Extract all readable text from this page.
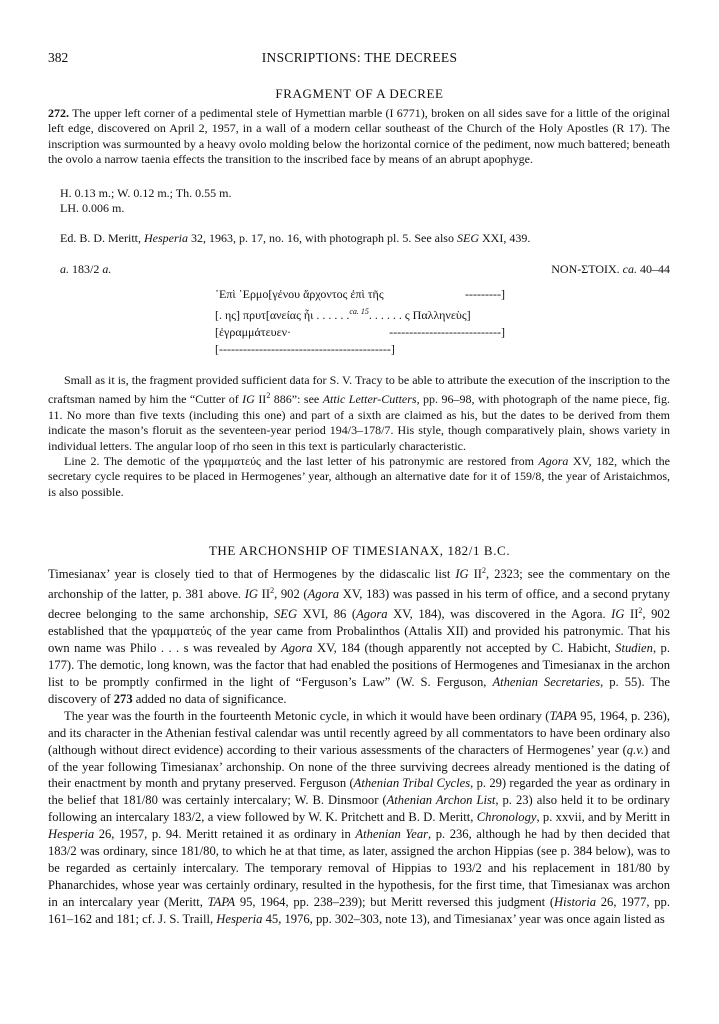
382	INSCRIPTIONS: THE DECREES
FRAGMENT OF A DECREE

272. The upper left corner of a pedimental stele of Hymettian marble (I 6771), broken on all sides save for a little of the original left edge, discovered on April 2, 1957, in a wall of a modern cellar southeast of the Church of the Holy Apostles (R 17). The inscription was surmounted by a heavy ovolo molding below the horizontal cornice of the pediment, now much battered; beneath the ovolo a narrow taenia effects the transition to the inscribed face by means of an abrupt apophyge.

H. 0.13 m.; W. 0.12 m.; Th. 0.55 m.
LH. 0.006 m.
Ed. B. D. Meritt, Hesperia 32, 1963, p. 17, no. 16, with photograph pl. 5. See also SEG XXI, 439.
a. 183/2 a.	NON-ΣΤΟΙΧ. ca. 40–44
᾿Επὶ ῾Ερμο[γένου ἄρχοντος ἐπὶ τῆς	---------]
[. ης] πρυτ[ανείας ἧι . . . . . .$^{ca. 15}$. . . . . . ς Παλληνεὺς]
[ἐγραμμάτευεν·	----------------------------]
[-------------------------------------------]

Small as it is, the fragment provided sufficient data for S. V. Tracy to be able to attribute the execution of the inscription to the craftsman named by him the “Cutter of IG $II^2$ 886”: see Attic Letter-Cutters, pp. 96–98, with photograph of the name piece, fig. 11. No more than five texts (including this one) and part of a sixth are claimed as his, but the dates to be derived from them indicate the mason’s floruit as the seventeen-year period 194/3–178/7. His style, though comparatively plain, shows variety in individual letters. The angular loop of rho seen in this text is particularly characteristic.

Line 2. The demotic of the γραμματεύς and the last letter of his patronymic are restored from Agora XV, 182, which the secretary cycle requires to be placed in Hermogenes’ year, although an alternative date for it of 159/8, the year of Aristaichmos, is also possible.

THE ARCHONSHIP OF TIMESIANAX, 182/1 B.C.

Timesianax’ year is closely tied to that of Hermogenes by the didascalic list IG $II^2$, 2323; see the commentary on the archonship of the latter, p. 381 above. IG $II^2$, 902 (Agora XV, 183) was passed in his term of office, and a second prytany decree belonging to the same archonship, SEG XVI, 86 (Agora XV, 184), was discovered in the Agora. IG $II^2$, 902 established that the γραμματεύς of the year came from Probalinthos (Attalis XII) and provided his patronymic. That his own name was Philo . . . s was revealed by Agora XV, 184 (though apparently not accepted by C. Habicht, Studien, p. 177). The demotic, long known, was the factor that had enabled the positions of Hermogenes and Timesianax in the archon list to be promptly confirmed in the light of “Ferguson’s Law” (W. S. Ferguson, Athenian Secretaries, p. 55). The discovery of 273 added no data of significance.

The year was the fourth in the fourteenth Metonic cycle, in which it would have been ordinary (TAPA 95, 1964, p. 236), and its character in the Athenian festival calendar was until recently agreed by all commentators to have been ordinary also (although without direct evidence) according to their various assessments of the characters of Hermogenes’ year (q.v.) and of the year following Timesianax’ archonship. On none of the three surviving decrees already mentioned is the dating of their enactment by month and prytany preserved. Ferguson (Athenian Tribal Cycles, p. 29) regarded the year as ordinary in the belief that 181/80 was certainly intercalary; W. B. Dinsmoor (Athenian Archon List, p. 23) also held it to be ordinary following an intercalary 183/2, a view followed by W. K. Pritchett and B. D. Meritt, Chronology, p. xxvii, and by Meritt in Hesperia 26, 1957, p. 94. Meritt retained it as ordinary in Athenian Year, p. 236, although he had by then decided that 183/2 was ordinary, since 181/80, to which he at that time, as later, assigned the archon Hippias (see p. 384 below), was to be regarded as certainly intercalary. The temporary removal of Hippias to 193/2 and his replacement in 181/80 by Phanarchides, whose year was certainly ordinary, resulted in the hypothesis, for the first time, that Timesianax was archon in an intercalary year (Meritt, TAPA 95, 1964, pp. 238–239); but Meritt reversed this judgment (Historia 26, 1977, pp. 161–162 and 181; cf. J. S. Traill, Hesperia 45, 1976, pp. 302–303, note 13), and Timesianax’ year was once again listed as
